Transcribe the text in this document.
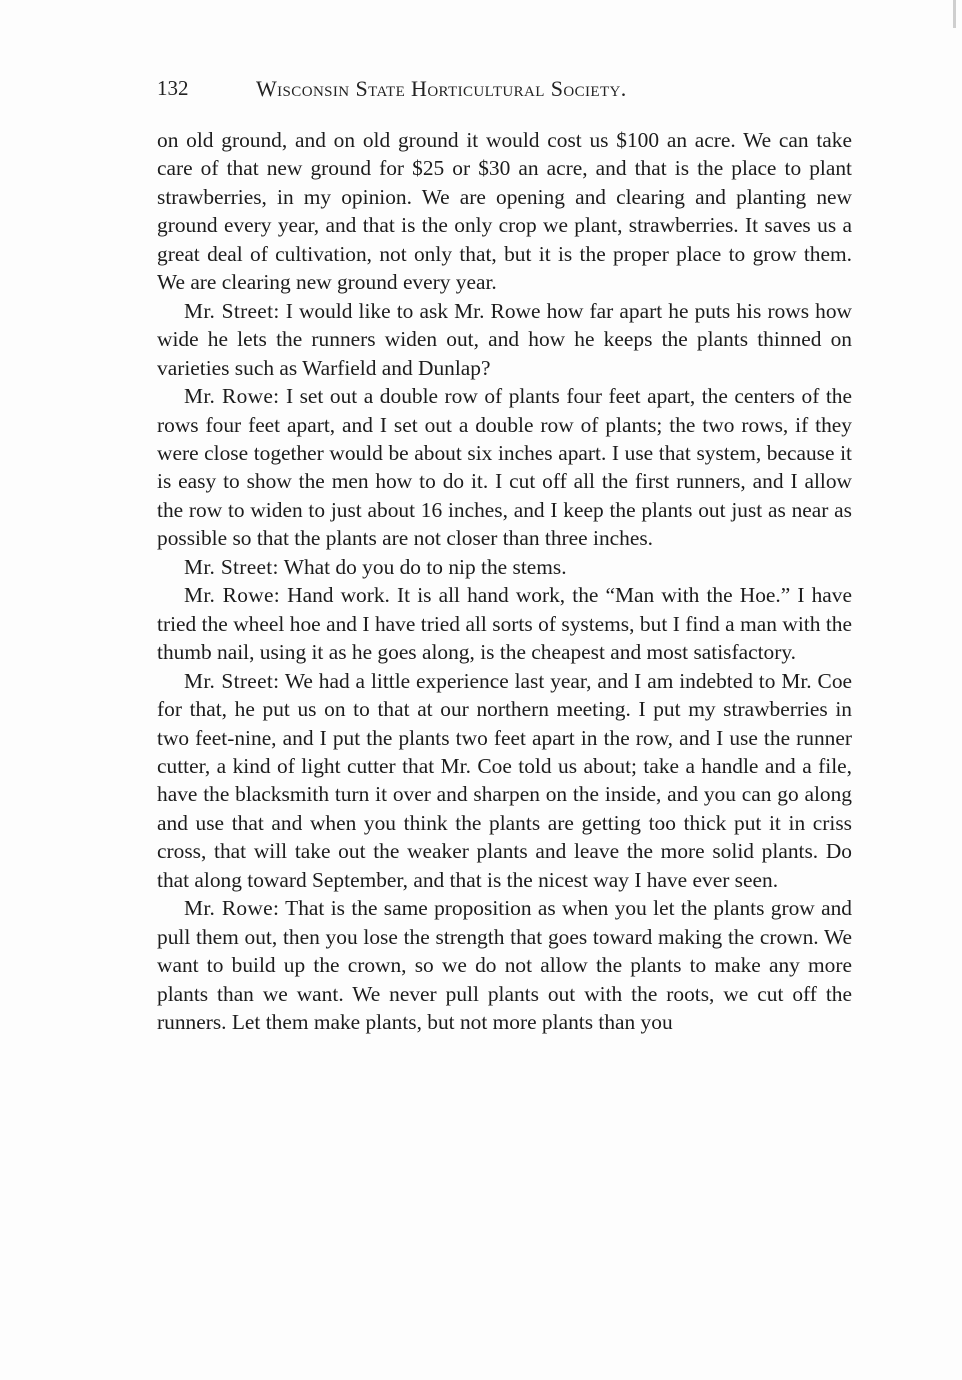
132	Wisconsin State Horticultural Society.

on old ground, and on old ground it would cost us $100 an acre. We can take care of that new ground for $25 or $30 an acre, and that is the place to plant strawberries, in my opinion. We are opening and clearing and planting new ground every year, and that is the only crop we plant, strawberries. It saves us a great deal of cultivation, not only that, but it is the proper place to grow them. We are clearing new ground every year.

Mr. Street: I would like to ask Mr. Rowe how far apart he puts his rows how wide he lets the runners widen out, and how he keeps the plants thinned on varieties such as Warfield and Dunlap?

Mr. Rowe: I set out a double row of plants four feet apart, the centers of the rows four feet apart, and I set out a double row of plants; the two rows, if they were close together would be about six inches apart. I use that system, because it is easy to show the men how to do it. I cut off all the first runners, and I allow the row to widen to just about 16 inches, and I keep the plants out just as near as possible so that the plants are not closer than three inches.

Mr. Street: What do you do to nip the stems.

Mr. Rowe: Hand work. It is all hand work, the “Man with the Hoe.” I have tried the wheel hoe and I have tried all sorts of systems, but I find a man with the thumb nail, using it as he goes along, is the cheapest and most satisfactory.

Mr. Street: We had a little experience last year, and I am indebted to Mr. Coe for that, he put us on to that at our northern meeting. I put my strawberries in two feet-nine, and I put the plants two feet apart in the row, and I use the runner cutter, a kind of light cutter that Mr. Coe told us about; take a handle and a file, have the blacksmith turn it over and sharpen on the inside, and you can go along and use that and when you think the plants are getting too thick put it in criss cross, that will take out the weaker plants and leave the more solid plants. Do that along toward September, and that is the nicest way I have ever seen.

Mr. Rowe: That is the same proposition as when you let the plants grow and pull them out, then you lose the strength that goes toward making the crown. We want to build up the crown, so we do not allow the plants to make any more plants than we want. We never pull plants out with the roots, we cut off the runners. Let them make plants, but not more plants than you
